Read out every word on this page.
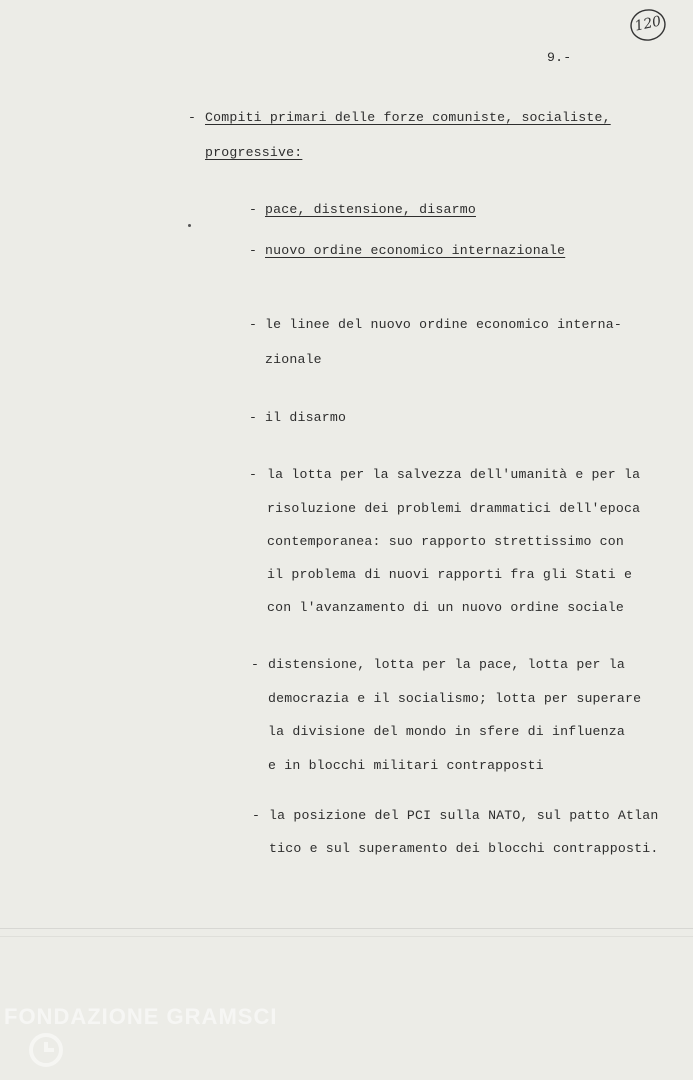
120
9.-
- Compiti primari delle forze comuniste, socialiste,
progressive:
- pace, distensione, disarmo
- nuovo ordine economico internazionale
- le linee del nuovo ordine economico interna-
zionale
- il disarmo
- la lotta per la salvezza dell'umanità e per la
risoluzione dei problemi drammatici dell'epoca
contemporanea: suo rapporto strettissimo con
il problema di nuovi rapporti fra gli Stati e
con l'avanzamento di un nuovo ordine sociale
- distensione, lotta per la pace, lotta per la
democrazia e il socialismo; lotta per superare
la divisione del mondo in sfere di influenza
e in blocchi militari contrapposti
- la posizione del PCI sulla NATO, sul patto Atlan
tico e sul superamento dei blocchi contrapposti.
FONDAZIONE GRAMSCI
